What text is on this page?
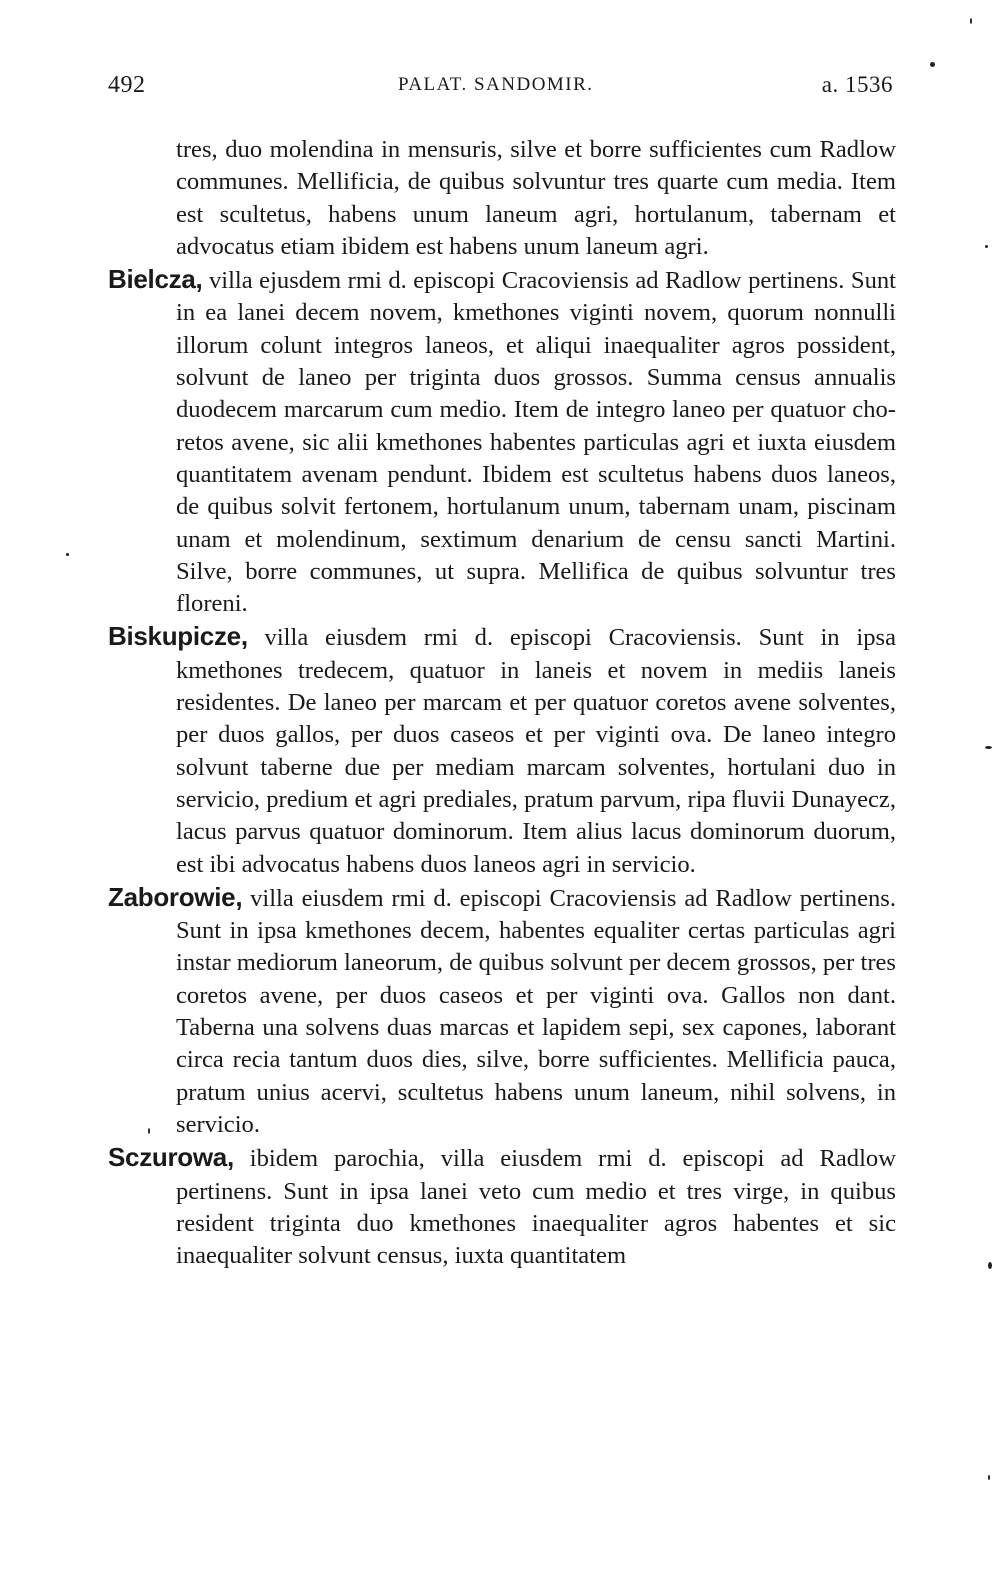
492	PALAT. SANDOMIR.	a. 1536

tres, duo molendina in mensuris, silve et borre sufficientes cum Radlow communes. Mellificia, de quibus solvuntur tres quarte cum media. Item est scultetus, habens unum laneum agri, hortulanum, tabernam et advocatus etiam ibidem est habens unum laneum agri.

Bielcza, villa ejusdem rmi d. episcopi Cracoviensis ad Radlow pertinens. Sunt in ea lanei decem novem, kmethones viginti novem, quorum nonnulli illorum colunt integros laneos, et aliqui inaequaliter agros possident, solvunt de laneo per triginta duos grossos. Summa census annualis duodecem marcarum cum medio. Item de integro laneo per quatuor choretos avene, sic alii kmethones habentes particulas agri et iuxta eiusdem quantitatem avenam pendunt. Ibidem est scultetus habens duos laneos, de quibus solvit fertonem, hortulanum unum, tabernam unam, piscinam unam et molendinum, sextimum denarium de censu sancti Martini. Silve, borre communes, ut supra. Mellifica de quibus solvuntur tres floreni.

Biskupicze, villa eiusdem rmi d. episcopi Cracoviensis. Sunt in ipsa kmethones tredecem, quatuor in laneis et novem in mediis laneis residentes. De laneo per marcam et per quatuor coretos avene solventes, per duos gallos, per duos caseos et per viginti ova. De laneo integro solvunt taberne due per mediam marcam solventes, hortulani duo in servicio, predium et agri prediales, pratum parvum, ripa fluvii Dunayecz, lacus parvus quatuor dominorum. Item alius lacus dominorum duorum, est ibi advocatus habens duos laneos agri in servicio.

Zaborowie, villa eiusdem rmi d. episcopi Cracoviensis ad Radlow pertinens. Sunt in ipsa kmethones decem, habentes equaliter certas particulas agri instar mediorum laneorum, de quibus solvunt per decem grossos, per tres coretos avene, per duos caseos et per viginti ova. Gallos non dant. Taberna una solvens duas marcas et lapidem sepi, sex capones, laborant circa recia tantum duos dies, silve, borre sufficientes. Mellificia pauca, pratum unius acervi, scultetus habens unum laneum, nihil solvens, in servicio.

Sczurowa, ibidem parochia, villa eiusdem rmi d. episcopi ad Radlow pertinens. Sunt in ipsa lanei veto cum medio et tres virge, in quibus resident triginta duo kmethones inaequaliter agros habentes et sic inaequaliter solvunt census, iuxta quantitatem
